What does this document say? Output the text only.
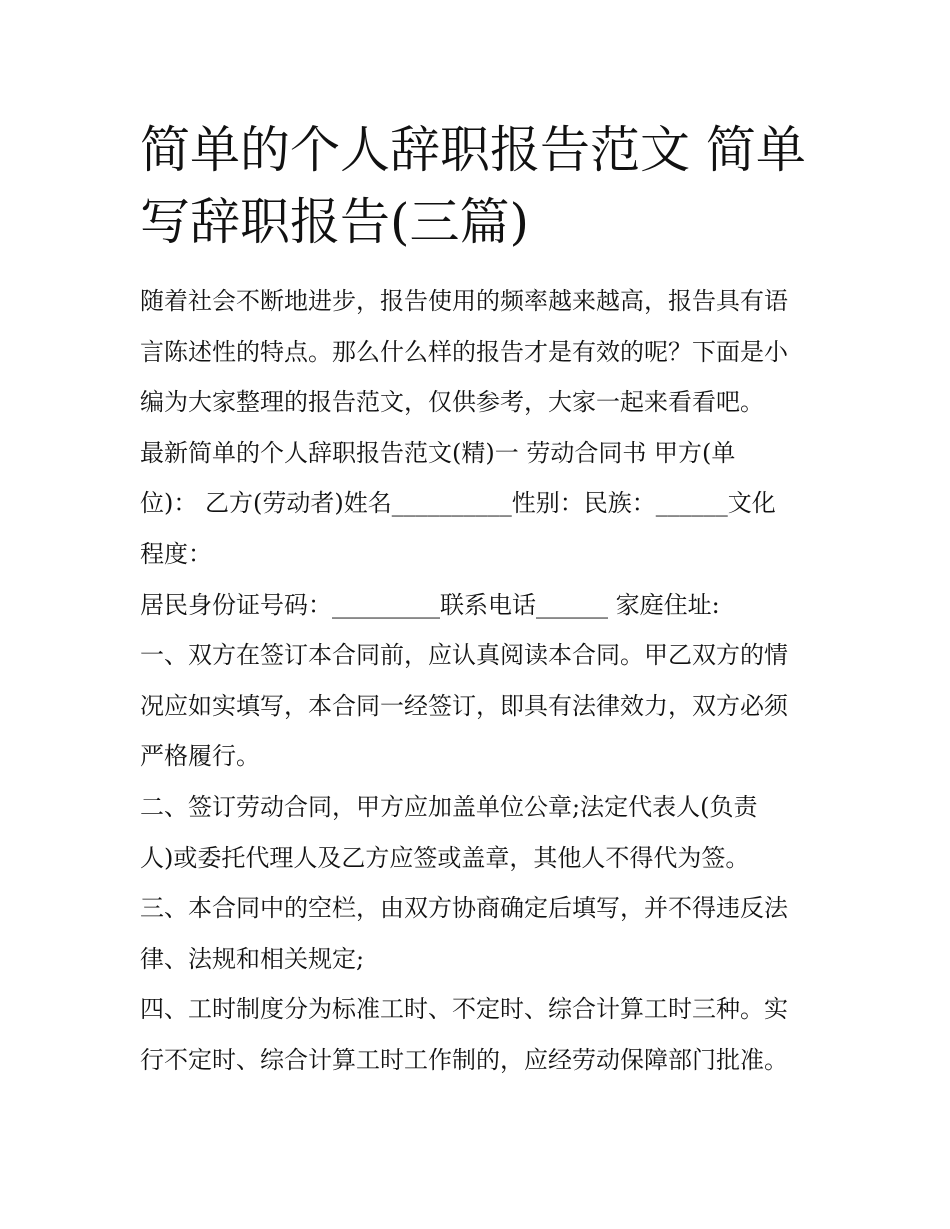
简单的个人辞职报告范文 简单
写辞职报告(三篇)
随着社会不断地进步，报告使用的频率越来越高，报告具有语
言陈述性的特点。那么什么样的报告才是有效的呢？下面是小
编为大家整理的报告范文，仅供参考，大家一起来看看吧。
最新简单的个人辞职报告范文(精)一 劳动合同书 甲方(单
位)： 乙方(劳动者)姓名__________性别：民族：______文化
程度：
居民身份证号码：_________联系电话______ 家庭住址:
一、双方在签订本合同前，应认真阅读本合同。甲乙双方的情
况应如实填写，本合同一经签订，即具有法律效力，双方必须
严格履行。
二、签订劳动合同，甲方应加盖单位公章;法定代表人(负责
人)或委托代理人及乙方应签或盖章，其他人不得代为签。
三、本合同中的空栏，由双方协商确定后填写，并不得违反法
律、法规和相关规定;
四、工时制度分为标准工时、不定时、综合计算工时三种。实
行不定时、综合计算工时工作制的，应经劳动保障部门批准。
